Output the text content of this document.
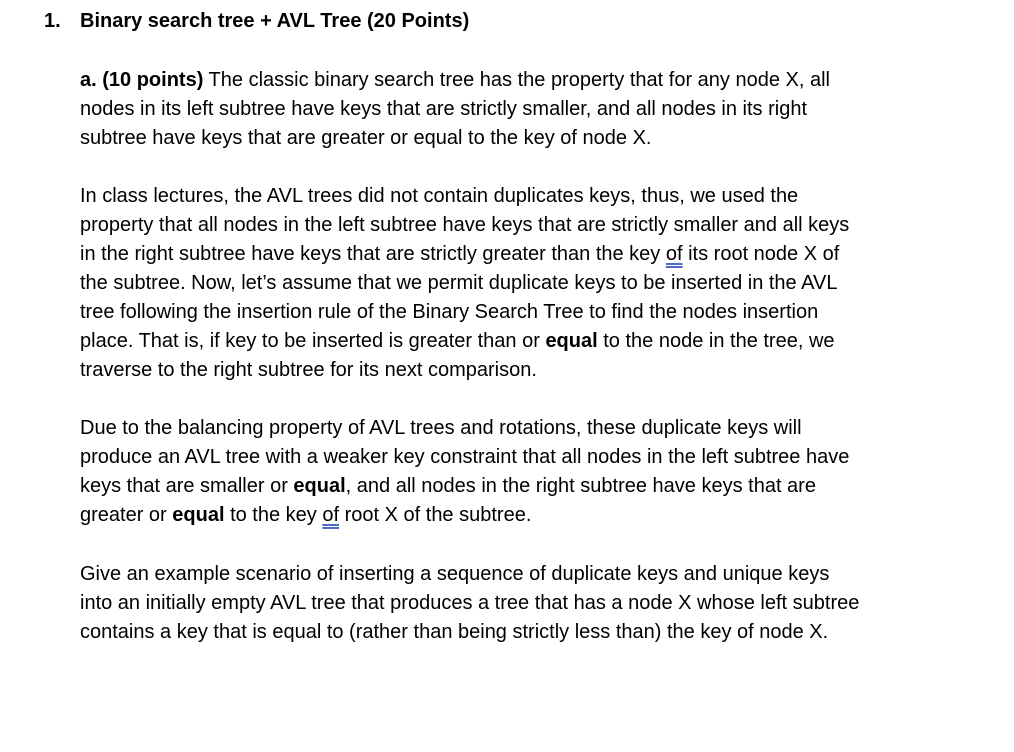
1. Binary search tree + AVL Tree (20 Points)

a. (10 points) The classic binary search tree has the property that for any node X, all
nodes in its left subtree have keys that are strictly smaller, and all nodes in its right
subtree have keys that are greater or equal to the key of node X.

In class lectures, the AVL trees did not contain duplicates keys, thus, we used the
property that all nodes in the left subtree have keys that are strictly smaller and all keys
in the right subtree have keys that are strictly greater than the key of its root node X of
the subtree. Now, let’s assume that we permit duplicate keys to be inserted in the AVL
tree following the insertion rule of the Binary Search Tree to find the nodes insertion
place. That is, if key to be inserted is greater than or equal to the node in the tree, we
traverse to the right subtree for its next comparison.

Due to the balancing property of AVL trees and rotations, these duplicate keys will
produce an AVL tree with a weaker key constraint that all nodes in the left subtree have
keys that are smaller or equal, and all nodes in the right subtree have keys that are
greater or equal to the key of root X of the subtree.

Give an example scenario of inserting a sequence of duplicate keys and unique keys
into an initially empty AVL tree that produces a tree that has a node X whose left subtree
contains a key that is equal to (rather than being strictly less than) the key of node X.
